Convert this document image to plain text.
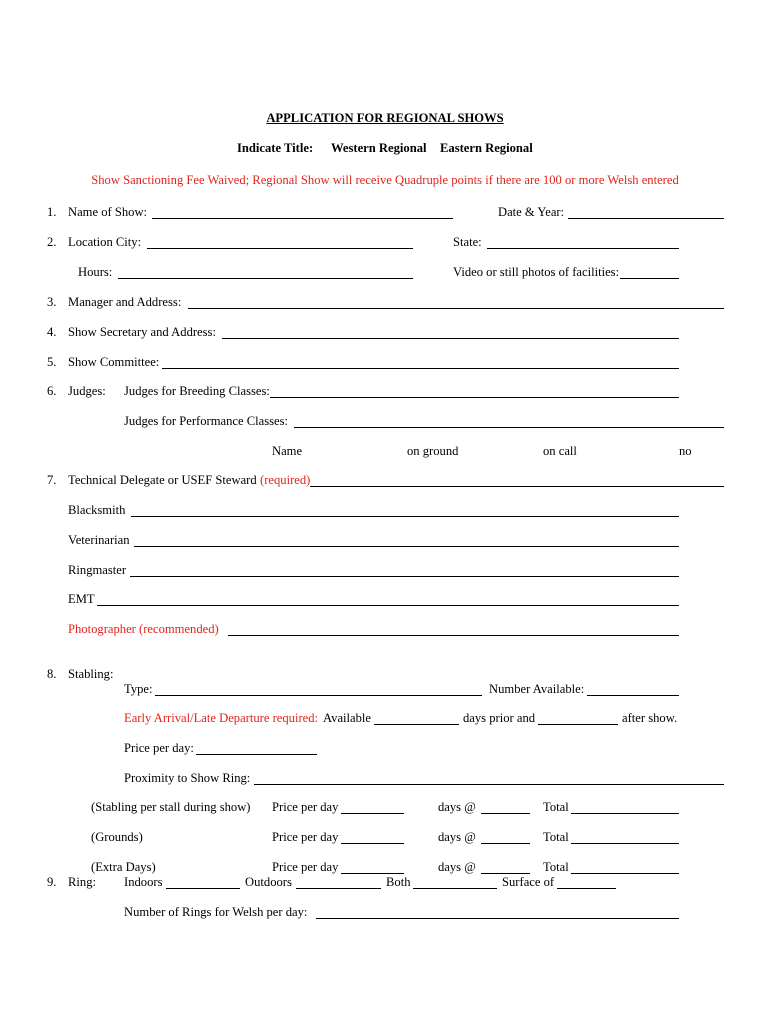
APPLICATION FOR REGIONAL SHOWS
Indicate Title: Western Regional Eastern Regional
Show Sanctioning Fee Waived; Regional Show will receive Quadruple points if there are 100 or more Welsh entered
1. Name of Show:	Date & Year:
2. Location City:	State:
Hours:	Video or still photos of facilities:
3. Manager and Address:
4. Show Secretary and Address:
5. Show Committee:
6. Judges: Judges for Breeding Classes:
Judges for Performance Classes:
Name	on ground	on call	no
7. Technical Delegate or USEF Steward (required)
Blacksmith
Veterinarian
Ringmaster
EMT
Photographer (recommended)
8. Stabling:
Type:	Number Available:
Early Arrival/Late Departure required: Available	days prior and	after show.
Price per day:
Proximity to Show Ring:
(Stabling per stall during show) Price per day	days @	Total
(Grounds)	Price per day	days @	Total
(Extra Days)	Price per day	days @	Total
9. Ring: Indoors	Outdoors	Both	Surface of
Number of Rings for Welsh per day:
